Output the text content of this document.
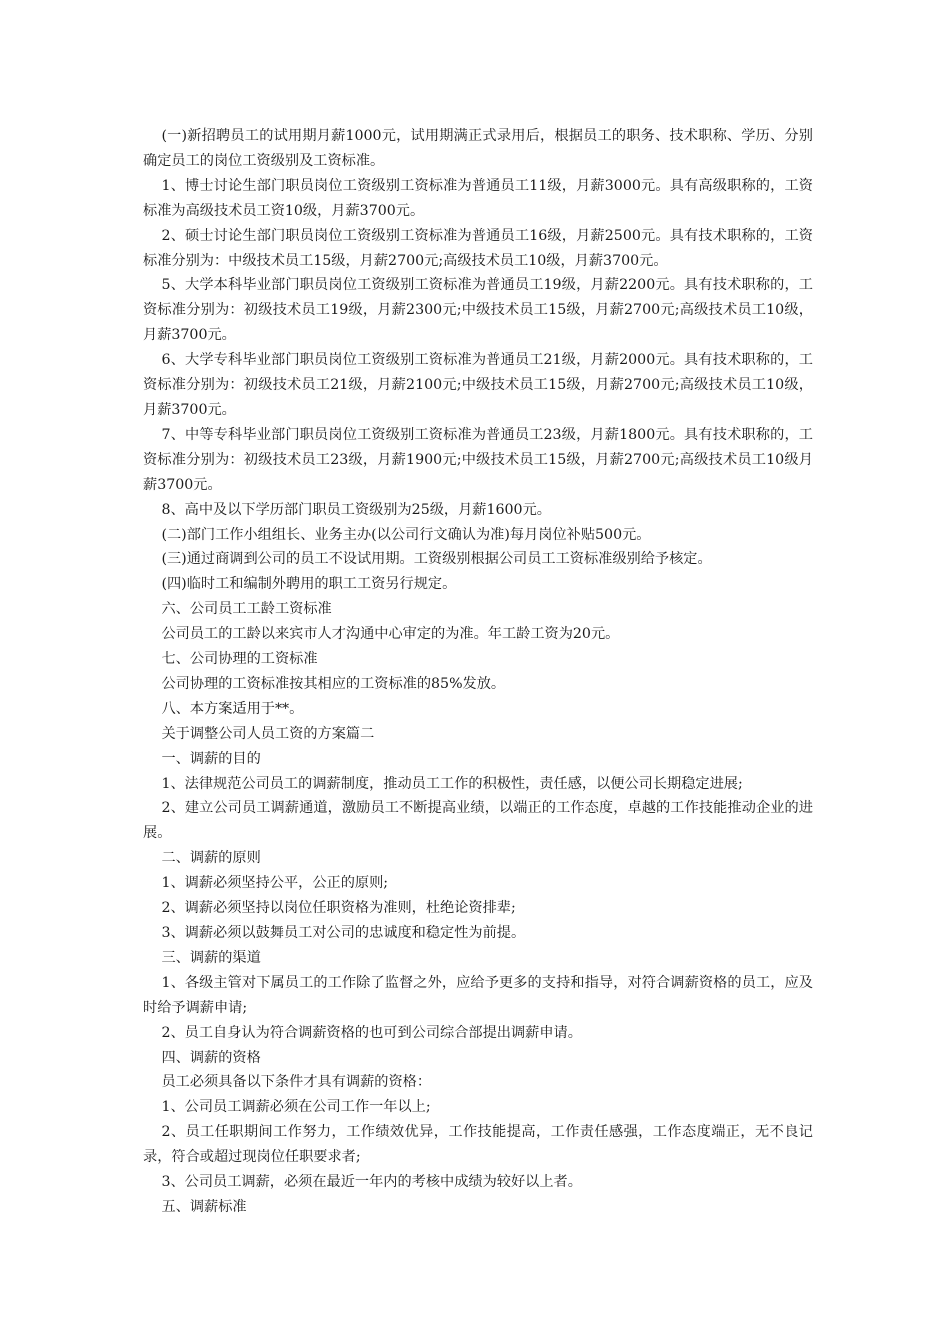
(一)新招聘员工的试用期月薪1000元，试用期满正式录用后，根据员工的职务、技术职称、学历、分别确定员工的岗位工资级别及工资标准。

1、博士讨论生部门职员岗位工资级别工资标准为普通员工11级，月薪3000元。具有高级职称的，工资标准为高级技术员工资10级，月薪3700元。

2、硕士讨论生部门职员岗位工资级别工资标准为普通员工16级，月薪2500元。具有技术职称的，工资标准分别为：中级技术员工15级，月薪2700元;高级技术员工10级，月薪3700元。

5、大学本科毕业部门职员岗位工资级别工资标准为普通员工19级，月薪2200元。具有技术职称的，工资标准分别为：初级技术员工19级，月薪2300元;中级技术员工15级，月薪2700元;高级技术员工10级，月薪3700元。

6、大学专科毕业部门职员岗位工资级别工资标准为普通员工21级，月薪2000元。具有技术职称的，工资标准分别为：初级技术员工21级，月薪2100元;中级技术员工15级，月薪2700元;高级技术员工10级，月薪3700元。

7、中等专科毕业部门职员岗位工资级别工资标准为普通员工23级，月薪1800元。具有技术职称的，工资标准分别为：初级技术员工23级，月薪1900元;中级技术员工15级，月薪2700元;高级技术员工10级月薪3700元。

8、高中及以下学历部门职员工资级别为25级，月薪1600元。

(二)部门工作小组组长、业务主办(以公司行文确认为准)每月岗位补贴500元。

(三)通过商调到公司的员工不设试用期。工资级别根据公司员工工资标准级别给予核定。

(四)临时工和编制外聘用的职工工资另行规定。

六、公司员工工龄工资标准

公司员工的工龄以来宾市人才沟通中心审定的为准。年工龄工资为20元。

七、公司协理的工资标准

公司协理的工资标准按其相应的工资标准的85%发放。

八、本方案适用于**。

关于调整公司人员工资的方案篇二

一、调薪的目的

1、法律规范公司员工的调薪制度，推动员工工作的积极性，责任感，以便公司长期稳定进展;

2、建立公司员工调薪通道，激励员工不断提高业绩，以端正的工作态度，卓越的工作技能推动企业的进展。

二、调薪的原则

1、调薪必须坚持公平，公正的原则;

2、调薪必须坚持以岗位任职资格为准则，杜绝论资排辈;

3、调薪必须以鼓舞员工对公司的忠诚度和稳定性为前提。

三、调薪的渠道

1、各级主管对下属员工的工作除了监督之外，应给予更多的支持和指导，对符合调薪资格的员工，应及时给予调薪申请;

2、员工自身认为符合调薪资格的也可到公司综合部提出调薪申请。

四、调薪的资格

员工必须具备以下条件才具有调薪的资格：

1、公司员工调薪必须在公司工作一年以上;

2、员工任职期间工作努力，工作绩效优异，工作技能提高，工作责任感强，工作态度端正，无不良记录，符合或超过现岗位任职要求者;

3、公司员工调薪，必须在最近一年内的考核中成绩为较好以上者。

五、调薪标准
